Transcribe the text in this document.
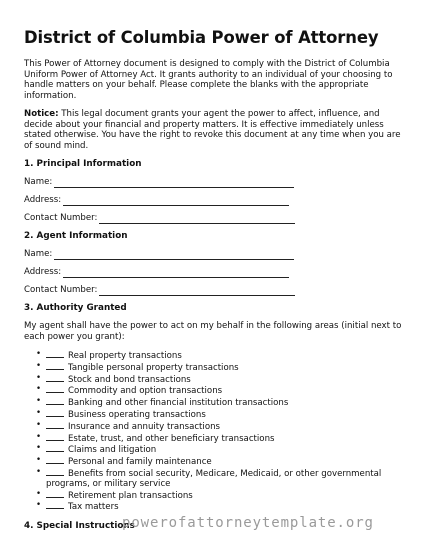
District of Columbia Power of Attorney

This Power of Attorney document is designed to comply with the District of Columbia Uniform Power of Attorney Act. It grants authority to an individual of your choosing to handle matters on your behalf. Please complete the blanks with the appropriate information.

Notice: This legal document grants your agent the power to affect, influence, and decide about your financial and property matters. It is effective immediately unless stated otherwise. You have the right to revoke this document at any time when you are of sound mind.

1. Principal Information
Name:
Address:
Contact Number:
2. Agent Information
Name:
Address:
Contact Number:
3. Authority Granted

My agent shall have the power to act on my behalf in the following areas (initial next to each power you grant):

•	Real property transactions
•	Tangible personal property transactions
•	Stock and bond transactions
•	Commodity and option transactions
•	Banking and other financial institution transactions
•	Business operating transactions
•	Insurance and annuity transactions
•	Estate, trust, and other beneficiary transactions
•	Claims and litigation
•	Personal and family maintenance
•	Benefits from social security, Medicare, Medicaid, or other governmental programs, or military service
•	Retirement plan transactions
•	Tax matters
4. Special Instructions
powerofattorneytemplate.org
